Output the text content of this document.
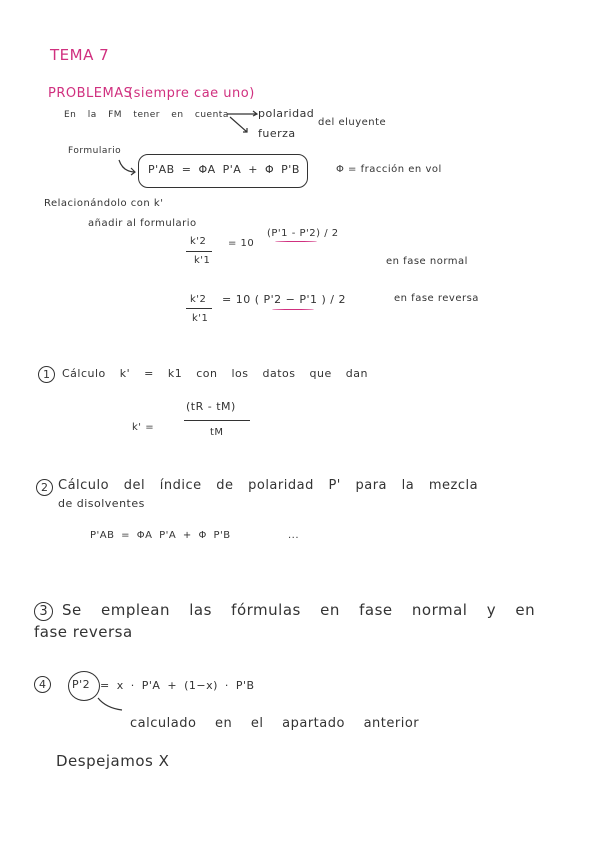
TEMA 7
PROBLEMAS
(siempre cae uno)
En la FM tener en cuenta	polaridad
fuerza
del eluyente
Formulario
P'AB = ΦA P'A + Φ P'B	Φ = fracción en vol
Relacionándolo con k'
añadir al formulario
k'2
k'1
= 10
(P'1 - P'2) / 2
en fase normal
k'2
k'1
= 10 ( P'2 − P'1 ) / 2	en fase reversa
1	Cálculo k' = k1 con los datos que dan
k' =
(tR - tM)
tM
2 Cálculo del índice de polaridad P' para la mezcla
de disolventes
P'AB = ΦA P'A + Φ P'B	...
3 Se emplean las fórmulas en fase normal y en
fase reversa
4	P'2 = x · P'A + (1−x) · P'B
calculado en el apartado anterior
Despejamos X
